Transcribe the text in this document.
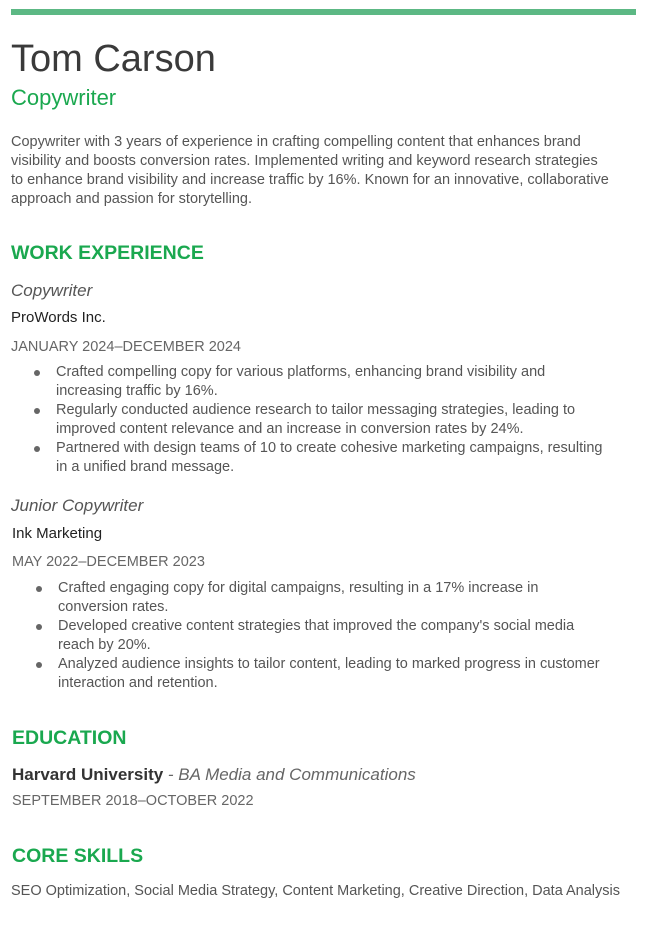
Tom Carson
Copywriter

Copywriter with 3 years of experience in crafting compelling content that enhances brand visibility and boosts conversion rates. Implemented writing and keyword research strategies to enhance brand visibility and increase traffic by 16%. Known for an innovative, collaborative approach and passion for storytelling.

WORK EXPERIENCE
Copywriter
ProWords Inc.
JANUARY 2024–DECEMBER 2024
Crafted compelling copy for various platforms, enhancing brand visibility and increasing traffic by 16%.
Regularly conducted audience research to tailor messaging strategies, leading to improved content relevance and an increase in conversion rates by 24%.
Partnered with design teams of 10 to create cohesive marketing campaigns, resulting in a unified brand message.
Junior Copywriter
Ink Marketing
MAY 2022–DECEMBER 2023
Crafted engaging copy for digital campaigns, resulting in a 17% increase in conversion rates.
Developed creative content strategies that improved the company's social media reach by 20%.
Analyzed audience insights to tailor content, leading to marked progress in customer interaction and retention.
EDUCATION
Harvard University - BA Media and Communications
SEPTEMBER 2018–OCTOBER 2022
CORE SKILLS

SEO Optimization, Social Media Strategy, Content Marketing, Creative Direction, Data Analysis
